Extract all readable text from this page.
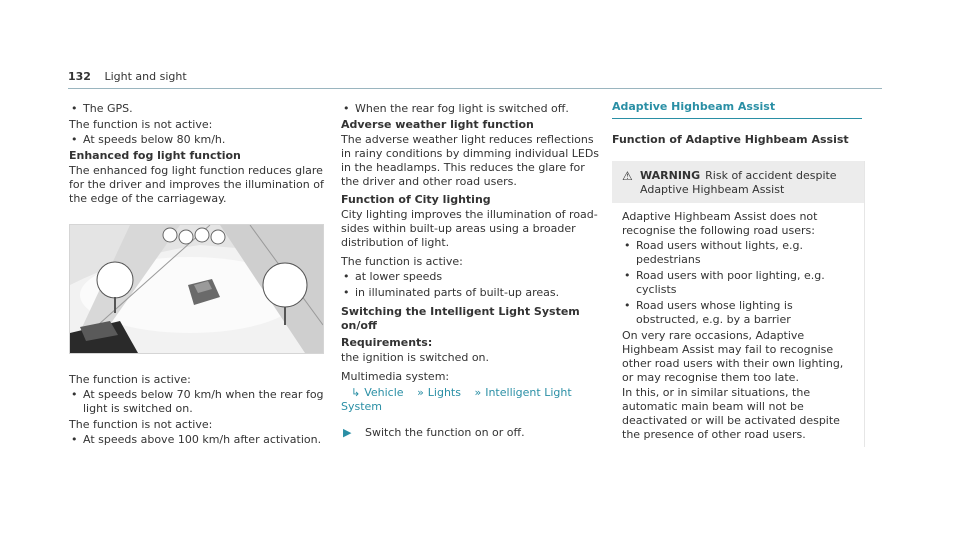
132 Light and sight
• The GPS.
The function is not active:
• At speeds below 80 km/h.
Enhanced fog light function
The enhanced fog light function reduces glare for the driver and improves the illumination of the edge of the carriageway.
The function is active:
• At speeds below 70 km/h when the rear fog light is switched on.
The function is not active:
• At speeds above 100 km/h after activation.
• When the rear fog light is switched off.
Adverse weather light function
The adverse weather light reduces reflections in rainy conditions by dimming individual LEDs in the headlamps. This reduces the glare for the driver and other road users.
Function of City lighting
City lighting improves the illumination of road-sides within built-up areas using a broader distribution of light.
The function is active:
• at lower speeds
• in illuminated parts of built-up areas.
Switching the Intelligent Light System on/off
Requirements:
the ignition is switched on.
Multimedia system:
↳ Vehicle » Lights » Intelligent Light System
▶	Switch the function on or off.
Adaptive Highbeam Assist
Function of Adaptive Highbeam Assist
⚠ WARNING Risk of accident despite Adaptive Highbeam Assist
Adaptive Highbeam Assist does not recognise the following road users:
• Road users without lights, e.g. pedestrians
• Road users with poor lighting, e.g. cyclists
• Road users whose lighting is obstructed, e.g. by a barrier
On very rare occasions, Adaptive Highbeam Assist may fail to recognise other road users with their own lighting, or may recognise them too late.
In this, or in similar situations, the automatic main beam will not be deactivated or will be activated despite the presence of other road users.
